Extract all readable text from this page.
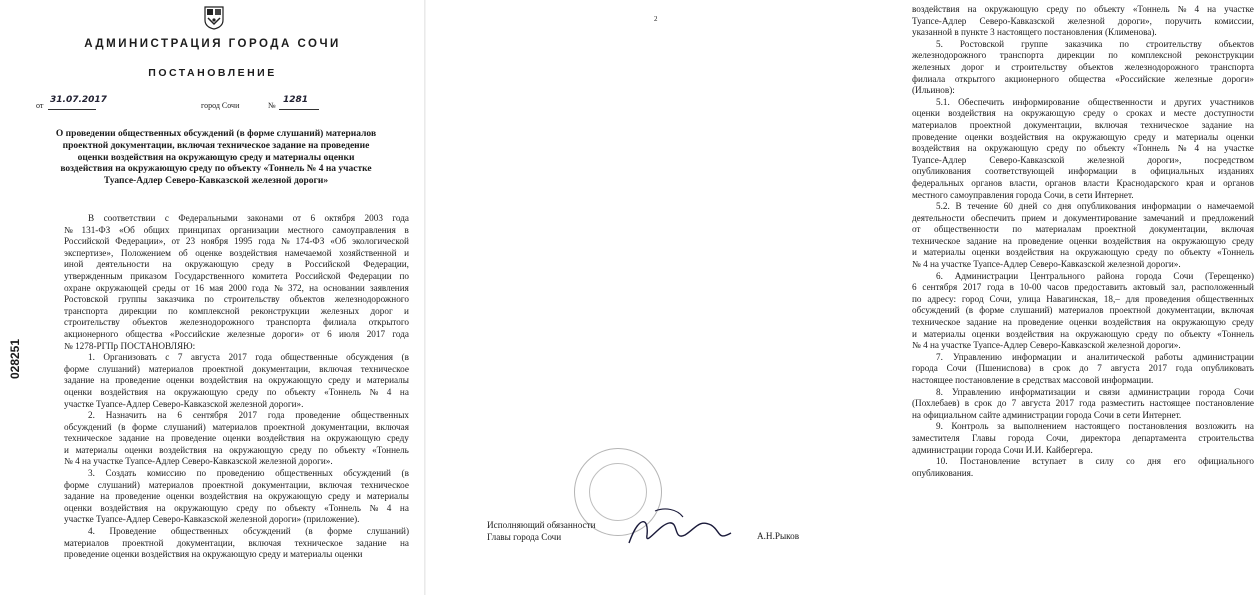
АДМИНИСТРАЦИЯ ГОРОДА СОЧИ
ПОСТАНОВЛЕНИЕ
от
31.07.2017
город Сочи	№
1281
О проведении общественных обсуждений (в форме слушаний) материалов
проектной документации, включая техническое задание на проведение
оценки воздействия на окружающую среду и материалы оценки
воздействия на окружающую среду по объекту «Тоннель № 4 на участке
Туапсе-Адлер Северо-Кавказской железной дороги»
028251
В соответствии с Федеральными законами от 6 октября 2003 года
№ 131-ФЗ «Об общих принципах организации местного самоуправления в
Российской Федерации», от 23 ноября 1995 года № 174-ФЗ «Об экологической
экспертизе», Положением об оценке воздействия намечаемой хозяйственной и
иной деятельности на окружающую среду в Российской Федерации,
утвержденным приказом Государственного комитета Российской Федерации по
охране окружающей среды от 16 мая 2000 года № 372, на основании заявления
Ростовской группы заказчика по строительству объектов железнодорожного
транспорта дирекции по комплексной реконструкции железных дорог и
строительству объектов железнодорожного транспорта филиала открытого
акционерного общества «Российские железные дороги» от 6 июля 2017 года
№ 1278-РГПр ПОСТАНОВЛЯЮ:
1. Организовать с 7 августа 2017 года общественные обсуждения (в
форме слушаний) материалов проектной документации, включая техническое
задание на проведение оценки воздействия на окружающую среду и материалы
оценки воздействия на окружающую среду по объекту «Тоннель № 4 на
участке Туапсе-Адлер Северо-Кавказской железной дороги».
2. Назначить на 6 сентября 2017 года проведение общественных
обсуждений (в форме слушаний) материалов проектной документации, включая
техническое задание на проведение оценки воздействия на окружающую среду
и материалы оценки воздействия на окружающую среду по объекту «Тоннель
№ 4 на участке Туапсе-Адлер Северо-Кавказской железной дороги».
3. Создать комиссию по проведению общественных обсуждений (в
форме слушаний) материалов проектной документации, включая техническое
задание на проведение оценки воздействия на окружающую среду и материалы
оценки воздействия на окружающую среду по объекту «Тоннель № 4 на
участке Туапсе-Адлер Северо-Кавказской железной дороги» (приложение).
4. Проведение общественных обсуждений (в форме слушаний)
материалов проектной документации, включая техническое задание на
проведение оценки воздействия на окружающую среду и материалы оценки
воздействия на окружающую среду по объекту «Тоннель № 4 на участке
Туапсе-Адлер Северо-Кавказской железной дороги», поручить комиссии,
указанной в пункте 3 настоящего постановления (Клименова).
5. Ростовской группе заказчика по строительству объектов
железнодорожного транспорта дирекции по комплексной реконструкции
железных дорог и строительству объектов железнодорожного транспорта
филиала открытого акционерного общества «Российские железные дороги»
(Ильинов):
5.1. Обеспечить информирование общественности и других участников
оценки воздействия на окружающую среду о сроках и месте доступности
материалов проектной документации, включая техническое задание на
проведение оценки воздействия на окружающую среду и материалы оценки
воздействия на окружающую среду по объекту «Тоннель № 4 на участке
Туапсе-Адлер Северо-Кавказской железной дороги», посредством
опубликования соответствующей информации в официальных изданиях
федеральных органов власти, органов власти Краснодарского края и органов
местного самоуправления города Сочи, в сети Интернет.
5.2. В течение 60 дней со дня опубликования информации о намечаемой
деятельности обеспечить прием и документирование замечаний и предложений
от общественности по материалам проектной документации, включая
техническое задание на проведение оценки воздействия на окружающую среду
и материалы оценки воздействия на окружающую среду по объекту «Тоннель
№ 4 на участке Туапсе-Адлер Северо-Кавказской железной дороги».
6. Администрации Центрального района города Сочи (Терещенко)
6 сентября 2017 года в 10-00 часов предоставить актовый зал, расположенный
по адресу: город Сочи, улица Навагинская, 18,– для проведения общественных
обсуждений (в форме слушаний) материалов проектной документации, включая
техническое задание на проведение оценки воздействия на окружающую среду
и материалы оценки воздействия на окружающую среду по объекту «Тоннель
№ 4 на участке Туапсе-Адлер Северо-Кавказской железной дороги».
7. Управлению информации и аналитической работы администрации
города Сочи (Пшенисnова) в срок до 7 августа 2017 года опубликовать
настоящее постановление в средствах массовой информации.
8. Управлению информатизации и связи администрации города Сочи
(Похлебаев) в срок до 7 августа 2017 года разместить настоящее постановление
на официальном сайте администрации города Сочи в сети Интернет.
9. Контроль за выполнением настоящего постановления возложить на
заместителя Главы города Сочи, директора департамента строительства
администрации города Сочи И.И. Кайбергера.
10. Постановление вступает в силу со дня его официального
опубликования.
2
Исполняющий обязанности
Главы города Сочи	А.Н.Рыков
